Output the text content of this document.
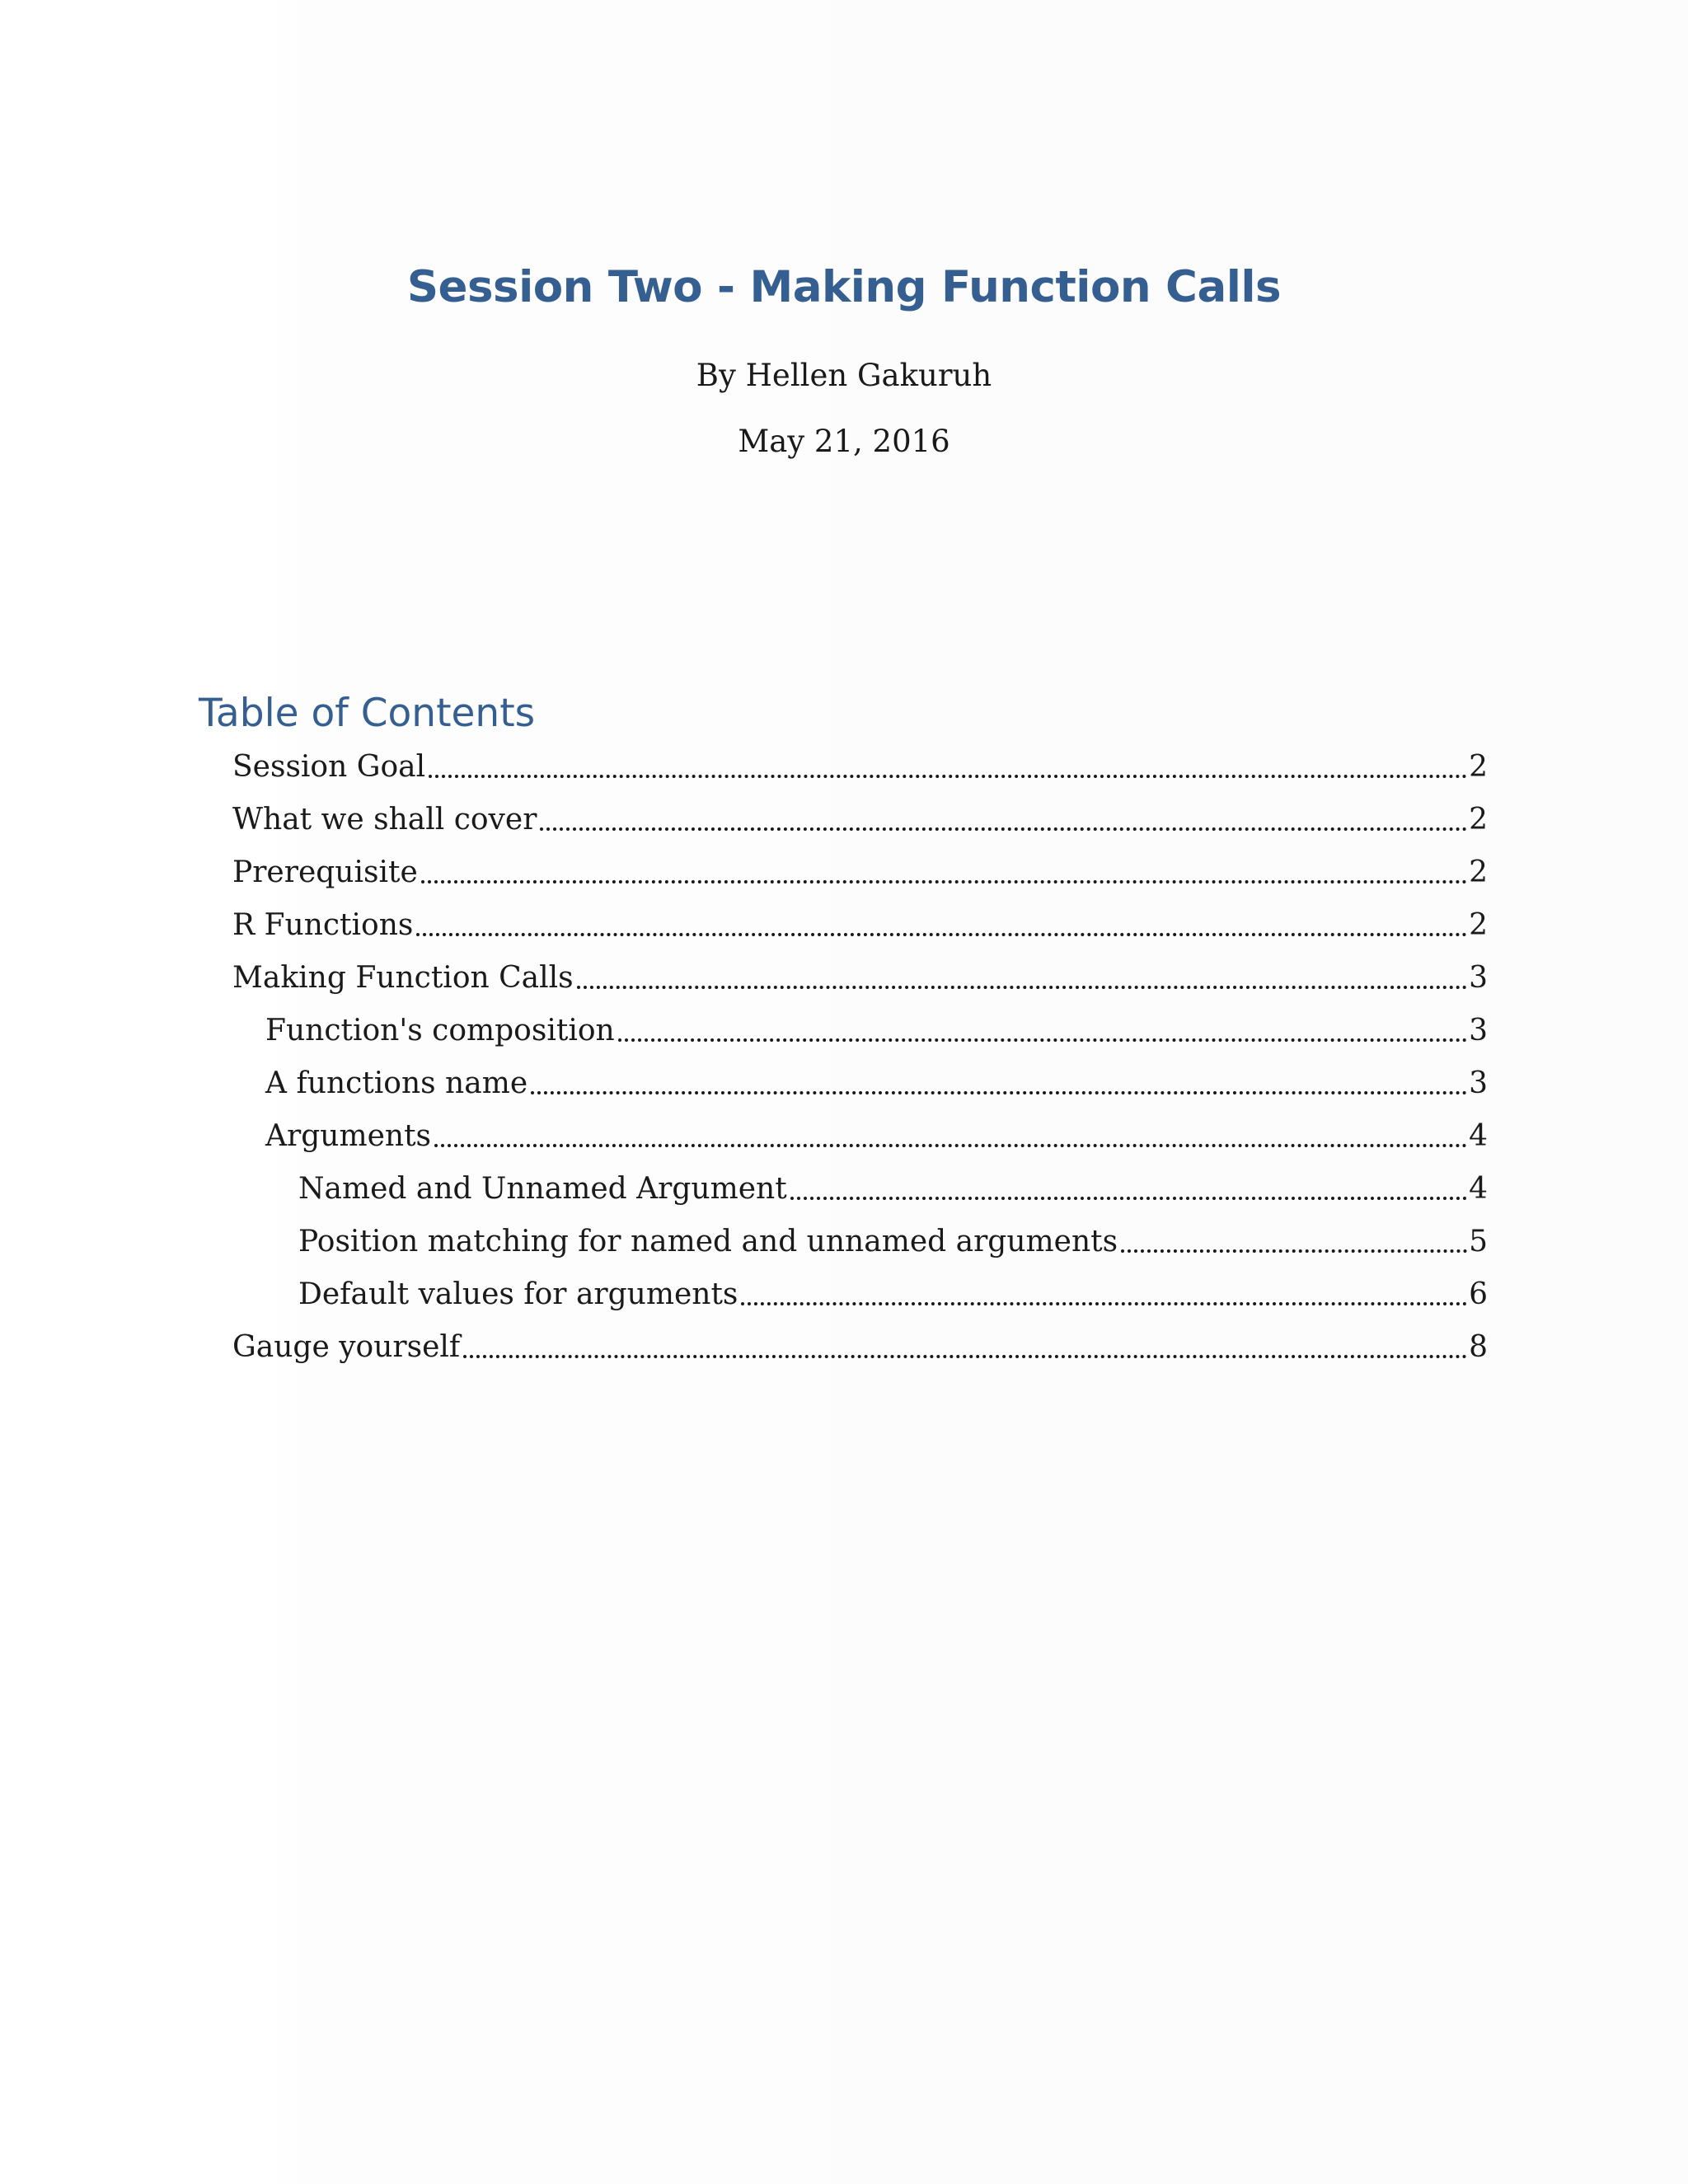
Session Two - Making Function Calls

By Hellen Gakuruh

May 21, 2016

Table of Contents
Session Goal	2
What we shall cover	2
Prerequisite	2
R Functions	2
Making Function Calls	3
Function's composition	3
A functions name	3
Arguments	4
Named and Unnamed Argument	4
Position matching for named and unnamed arguments	5
Default values for arguments	6
Gauge yourself	8
